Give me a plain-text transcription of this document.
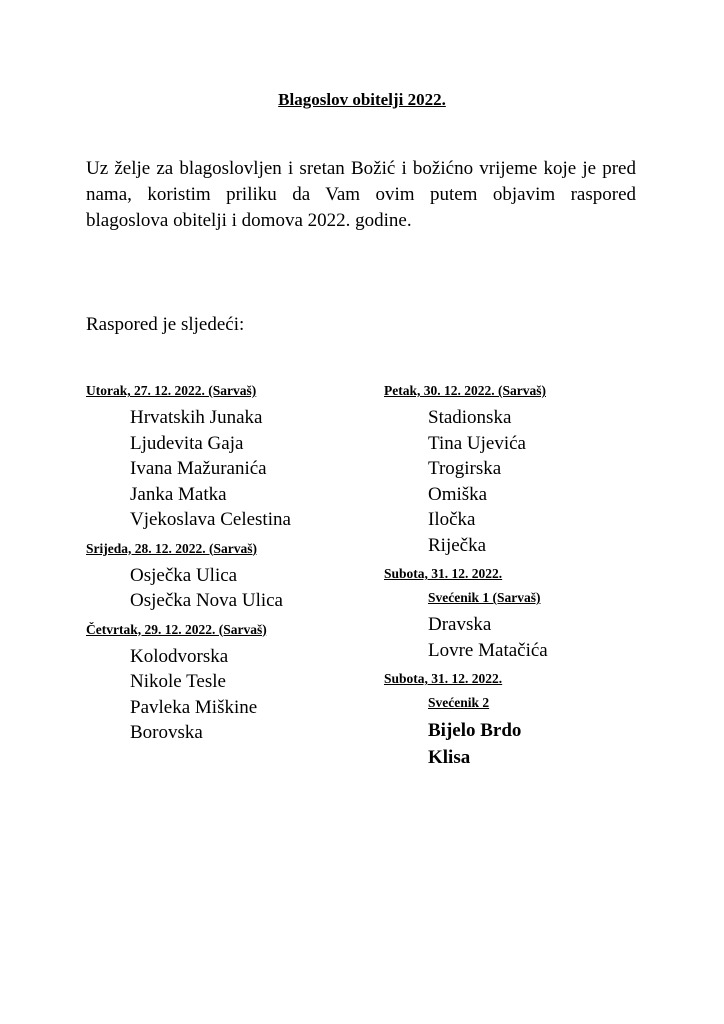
Blagoslov obitelji 2022.
Uz želje za blagoslovljen i sretan Božić i božićno vrijeme koje je pred nama, koristim priliku da Vam ovim putem objavim raspored blagoslova obitelji i domova 2022. godine.
Raspored je sljedeći:
Utorak, 27. 12. 2022. (Sarvaš)
Hrvatskih Junaka
Ljudevita Gaja
Ivana Mažuranića
Janka Matka
Vjekoslava Celestina
Srijeda, 28. 12. 2022. (Sarvaš)
Osječka Ulica
Osječka Nova Ulica
Četvrtak, 29. 12. 2022. (Sarvaš)
Kolodvorska
Nikole Tesle
Pavleka Miškine
Borovska
Petak, 30. 12. 2022. (Sarvaš)
Stadionska
Tina Ujevića
Trogirska
Omiška
Iločka
Riječka
Subota, 31. 12. 2022.
Svećenik 1 (Sarvaš)
Dravska
Lovre Matačića
Subota, 31. 12. 2022.
Svećenik 2
Bijelo Brdo
Klisa
